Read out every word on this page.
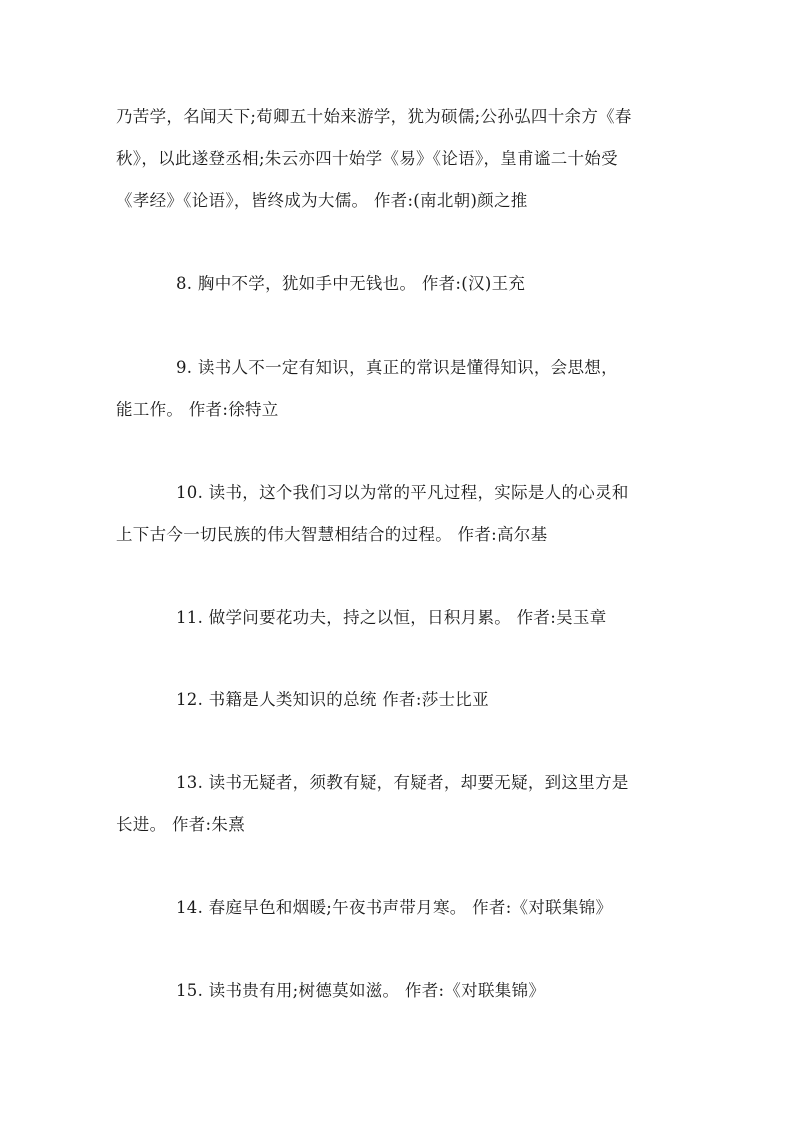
乃苦学，名闻天下;荀卿五十始来游学，犹为硕儒;公孙弘四十余方《春
秋》，以此遂登丞相;朱云亦四十始学《易》《论语》，皇甫谧二十始受
《孝经》《论语》，皆终成为大儒。 作者:(南北朝)颜之推
8. 胸中不学，犹如手中无钱也。 作者:(汉)王充
9. 读书人不一定有知识，真正的常识是懂得知识，会思想，
能工作。 作者:徐特立
10. 读书，这个我们习以为常的平凡过程，实际是人的心灵和
上下古今一切民族的伟大智慧相结合的过程。 作者:高尔基
11. 做学问要花功夫，持之以恒，日积月累。 作者:吴玉章
12. 书籍是人类知识的总统 作者:莎士比亚
13. 读书无疑者，须教有疑，有疑者，却要无疑，到这里方是
长进。 作者:朱熹
14. 春庭早色和烟暖;午夜书声带月寒。 作者:《对联集锦》
15. 读书贵有用;树德莫如滋。 作者:《对联集锦》
